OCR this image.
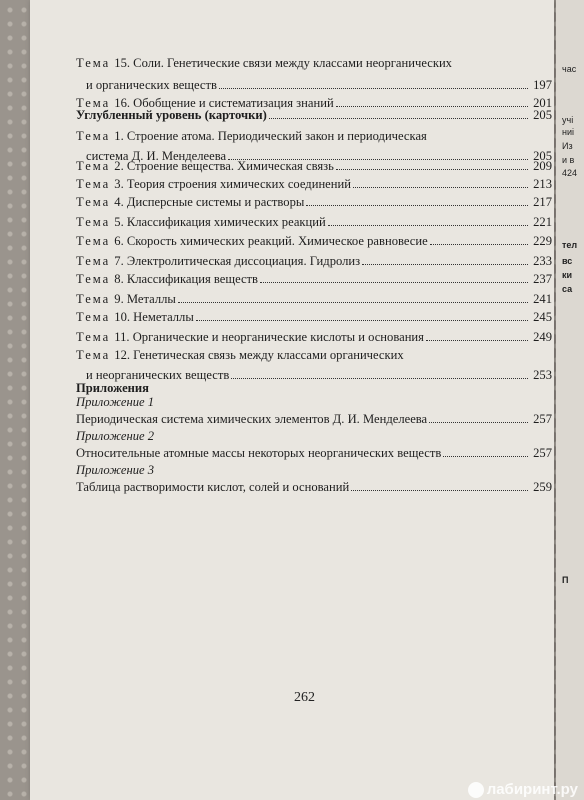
Тема 15. Соли. Генетические связи между классами неорганических
и органических веществ	197
Тема 16. Обобщение и систематизация знаний	201
Углубленный уровень (карточки)	205
Тема 1. Строение атома. Периодический закон и периодическая
система Д. И. Менделеева	205
Тема 2. Строение вещества. Химическая связь	209
Тема 3. Теория строения химических соединений	213
Тема 4. Дисперсные системы и растворы	217
Тема 5. Классификация химических реакций	221
Тема 6. Скорость химических реакций. Химическое равновесие	229
Тема 7. Электролитическая диссоциация. Гидролиз	233
Тема 8. Классификация веществ	237
Тема 9. Металлы	241
Тема 10. Неметаллы	245
Тема 11. Органические и неорганические кислоты и основания	249
Тема 12. Генетическая связь между классами органических
и неорганических веществ	253
Приложения
Приложение 1
Периодическая система химических элементов Д. И. Менделеева	257
Приложение 2
Относительные атомные массы некоторых неорганических веществ	257
Приложение 3
Таблица растворимости кислот, солей и оснований	259
262
час
учі
ниі
Из
и в
424
тел
вс
ки
са
П
лабиринт.ру
